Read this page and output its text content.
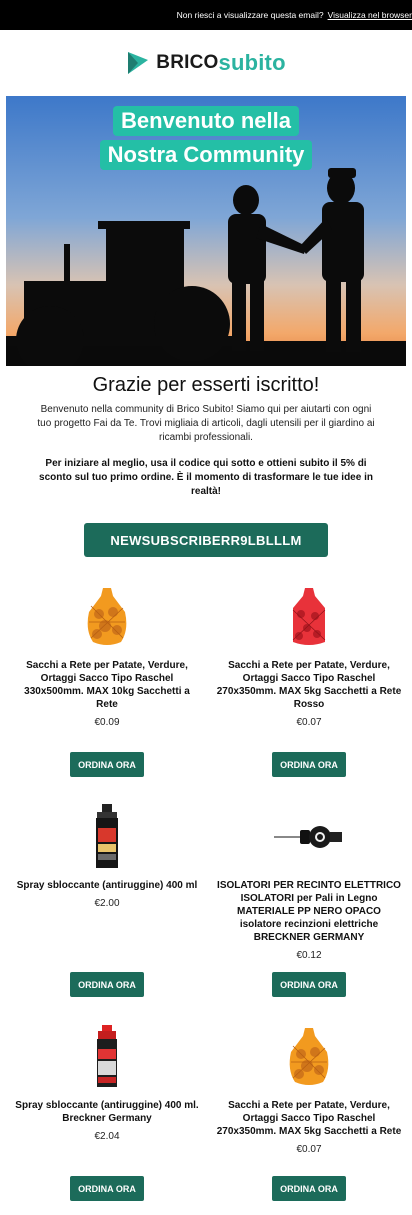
Non riesci a visualizzare questa email? Visualizza nel browser
BRICO subito
Benvenuto nella
Nostra Community
Grazie per esserti iscritto!

Benvenuto nella community di Brico Subito! Siamo qui per aiutarti con ogni tuo progetto Fai da Te. Trovi migliaia di articoli, dagli utensili per il giardino ai ricambi professionali.

Per iniziare al meglio, usa il codice qui sotto e ottieni subito il 5% di sconto sul tuo primo ordine. È il momento di trasformare le tue idee in realtà!

NEWSUBSCRIBERR9LBLLLM
Sacchi a Rete per Patate, Verdure, Ortaggi Sacco Tipo Raschel 330x500mm. MAX 10kg Sacchetti a Rete
€0.09
ORDINA ORA
Sacchi a Rete per Patate, Verdure, Ortaggi Sacco Tipo Raschel 270x350mm. MAX 5kg Sacchetti a Rete Rosso
€0.07
ORDINA ORA
Spray sbloccante (antiruggine) 400 ml
€2.00
ORDINA ORA
ISOLATORI PER RECINTO ELETTRICO ISOLATORI per Pali in Legno MATERIALE PP NERO OPACO isolatore recinzioni elettriche BRECKNER GERMANY
€0.12
ORDINA ORA
Spray sbloccante (antiruggine) 400 ml. Breckner Germany
€2.04
ORDINA ORA
Sacchi a Rete per Patate, Verdure, Ortaggi Sacco Tipo Raschel 270x350mm. MAX 5kg Sacchetti a Rete
€0.07
ORDINA ORA
